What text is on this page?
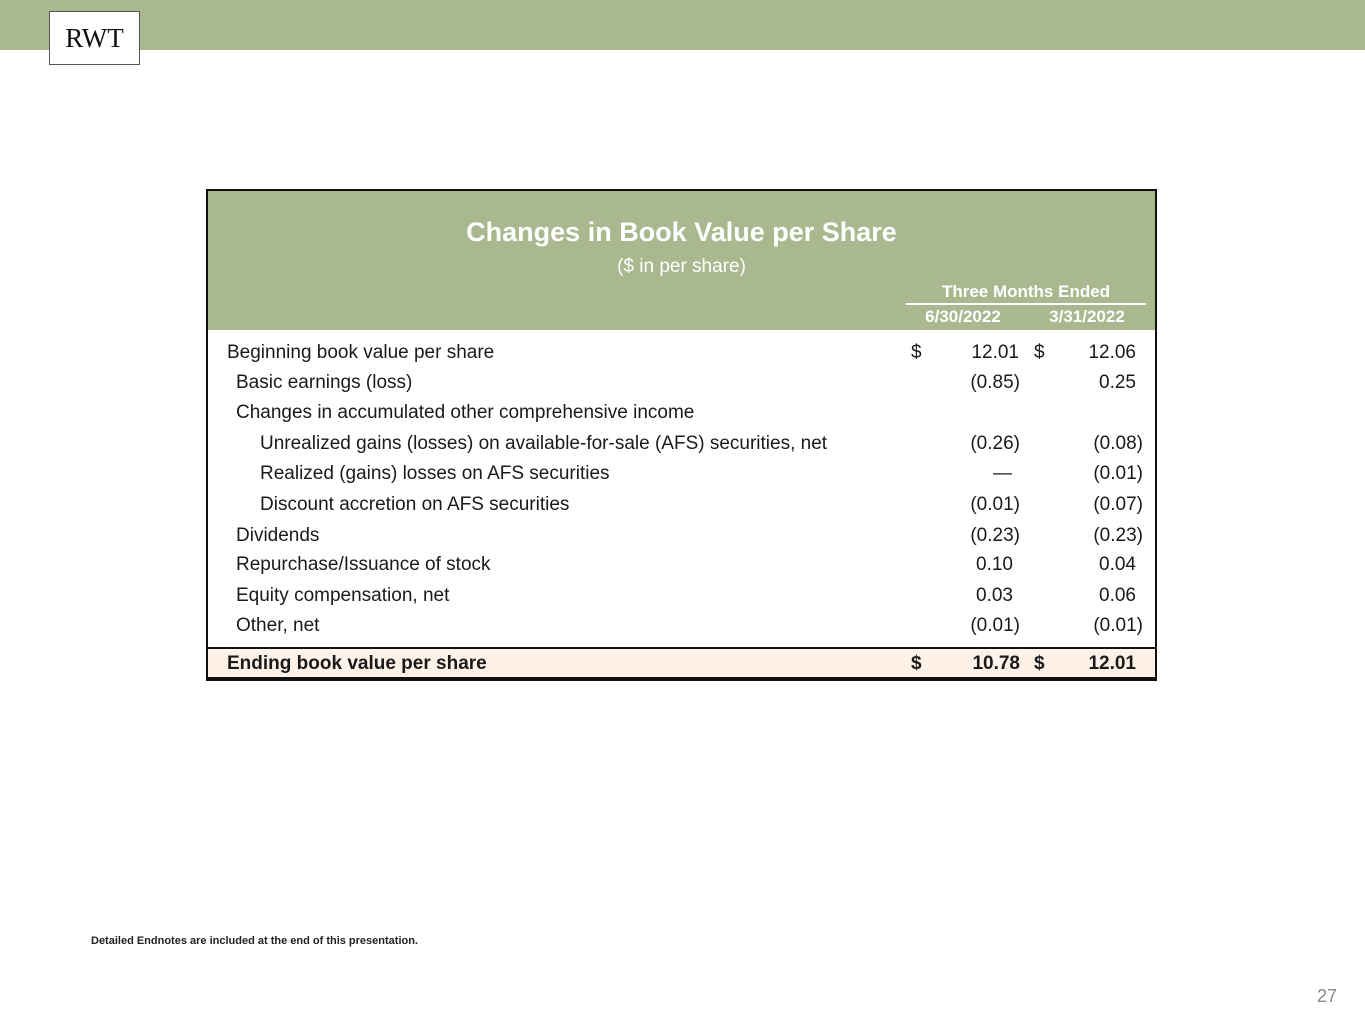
RWT
Changes in Book Value per Share
($ in per share)
Three Months Ended
6/30/2022	3/31/2022
Beginning book value per share	$	12.01 $ 12.06
Basic earnings (loss)	(0.85)	0.25
Changes in accumulated other comprehensive income
Unrealized gains (losses) on available-for-sale (AFS) securities, net	(0.26)	(0.08)
Realized (gains) losses on AFS securities	—	(0.01)
Discount accretion on AFS securities	(0.01)	(0.07)
Dividends	(0.23)	(0.23)
Repurchase/Issuance of stock	0.10	0.04
Equity compensation, net	0.03	0.06
Other, net	(0.01)	(0.01)
Ending book value per share	$	10.78 $ 12.01
Detailed Endnotes are included at the end of this presentation.
27
